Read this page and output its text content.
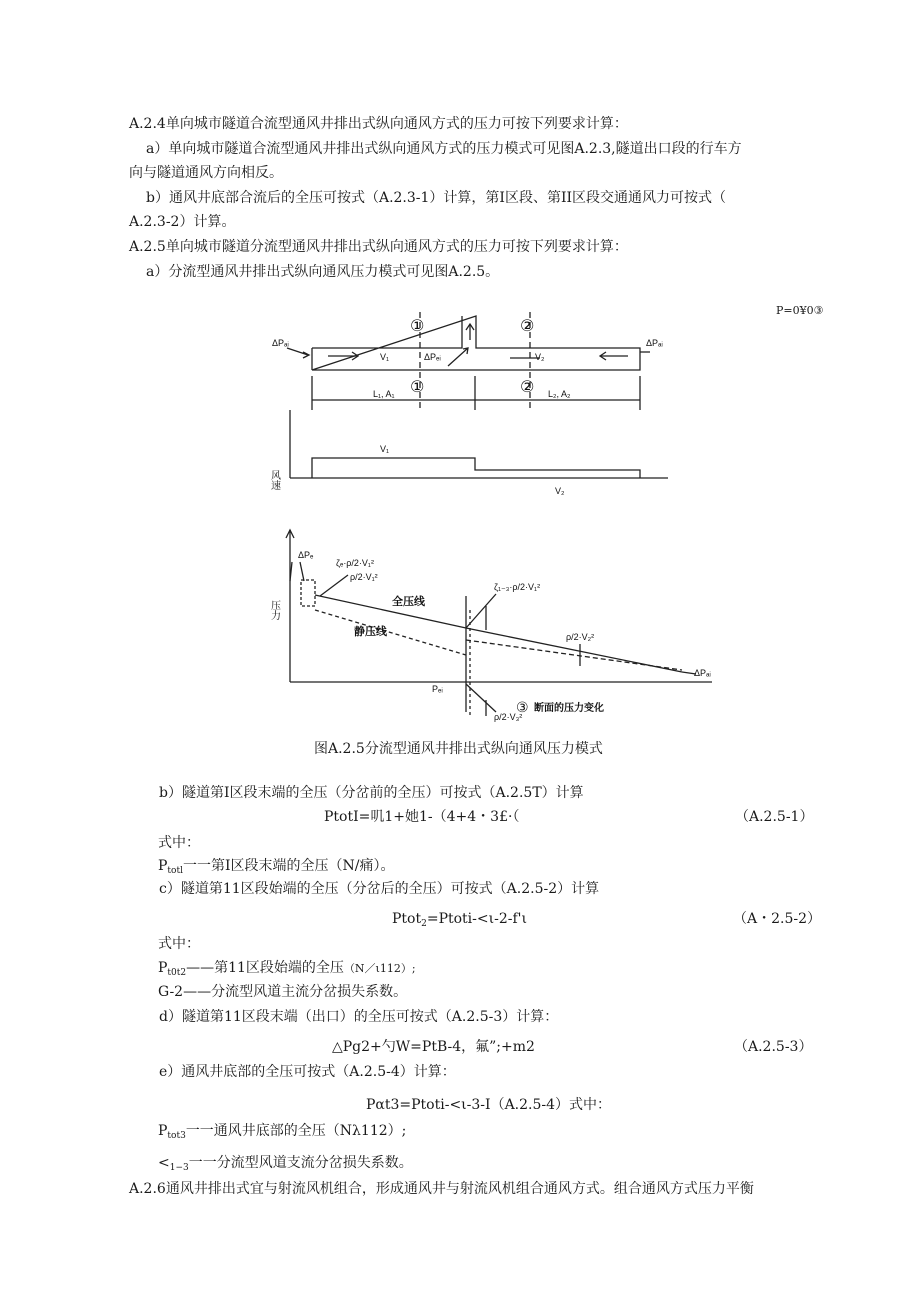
A.2.4单向城市隧道合流型通风井排出式纵向通风方式的压力可按下列要求计算：
a）单向城市隧道合流型通风井排出式纵向通风方式的压力模式可见图A.2.3,隧道出口段的行车方
向与隧道通风方向相反。
b）通风井底部合流后的全压可按式（A.2.3-1）计算，第I区段、第II区段交通通风力可按式（
A.2.3-2）计算。
A.2.5单向城市隧道分流型通风井排出式纵向通风方式的压力可按下列要求计算：
a）分流型通风井排出式纵向通风压力模式可见图A.2.5。
P=0¥0③
①	②
①	②
ΔPₐᵢ
ΔPₑᵢ
ΔPₐᵢ
V₁	V₂
L₁, A₁	L₂, A₂
风速
V₁
V₂
压力
ΔPₑ
ζₑ·ρ/2·V₁²
ρ/2·V₁²
全压线
静压线
ζ₁₋₃·ρ/2·V₁²
ρ/2·V₂²
ΔPₐᵢ
Pₑᵢ
ρ/2·V₃²
③ 断面的压力变化
图A.2.5分流型通风井排出式纵向通风压力模式
b）隧道第I区段末端的全压（分岔前的全压）可按式（A.2.5T）计算
PtotI=叽1+她1-（4+4・3£·（	（A.2.5-1）
式中：
$P_{totl}$一一第I区段末端的全压（N/痛）。
c）隧道第11区段始端的全压（分岔后的全压）可按式（A.2.5-2）计算
Ptot$_2$=Ptoti-<ι-2-f'ι	（A・2.5-2）
式中：
$P_{t0t2}——$第11区段始端的全压（N／ι112）;
G-2——分流型风道主流分岔损失系数。
d）隧道第11区段末端（出口）的全压可按式（A.2.5-3）计算：
△Pg2+勺W=PtB-4，氟”;+m2	（A.2.5-3）
e）通风井底部的全压可按式（A.2.5-4）计算：
Pαt3=Ptoti-<ι-3-I（A.2.5-4）式中：
$P_{tot3}$一一通风井底部的全压（Nλ112）;
$<_{1-3}$一一分流型风道支流分岔损失系数。
A.2.6通风井排出式宜与射流风机组合，形成通风井与射流风机组合通风方式。组合通风方式压力平衡
